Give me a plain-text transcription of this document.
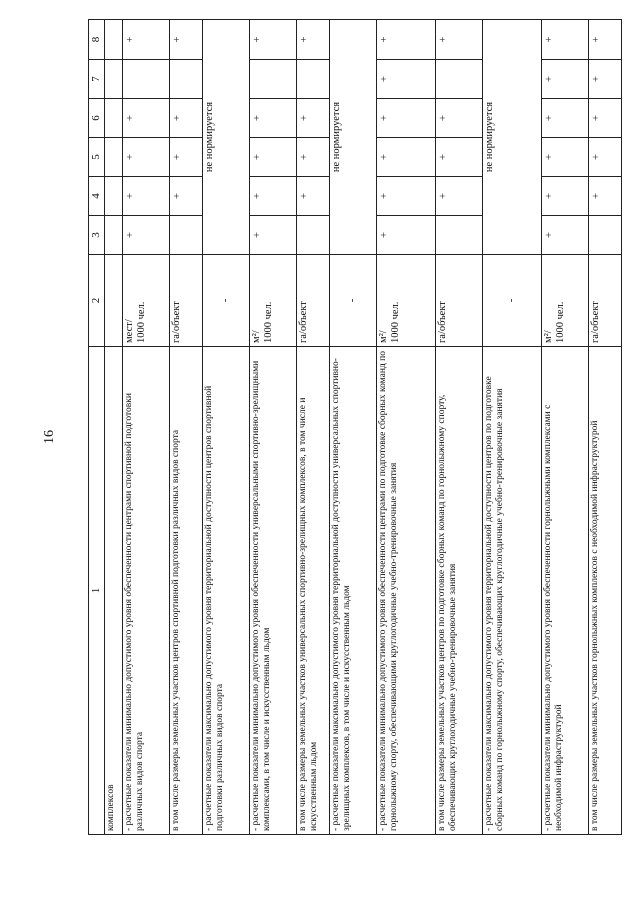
16
1	2	3	4	5	6	7	8
комплексов							
- расчетные показатели минимально допустимого уровня обеспеченности центрами спортивной подготовки различных видов спорта	мест/ 1000 чел.	+	+	+	+		+
в том числе размеры земельных участков центров спортивной подготовки различных видов спорта	га/объект		+	+	+		+
- расчетные показатели максимально допустимого уровня территориальной доступности центров спортивной подготовки различных видов спорта	-	не нормируется					
- расчетные показатели минимально допустимого уровня обеспеченности универсальными спортивно-зрелищными комплексами, в том числе и искусственным льдом	м²/ 1000 чел.	+	+	+	+		+
в том числе размеры земельных участков универсальных спортивно-зрелищных комплексов, в том числе и искусственным льдом	га/объект		+	+	+		+
- расчетные показатели максимально допустимого уровня территориальной доступности универсальных спортивно-зрелищных комплексов, в том числе и искусственным льдом	-	не нормируется					
- расчетные показатели минимально допустимого уровня обеспеченности центрами по подготовке сборных команд по горнолыжному спорту, обеспечивающими круглогодичные учебно-тренировочные занятия	м²/ 1000 чел.	+	+	+	+	+	+
в том числе размеры земельных участков центров по подготовке сборных команд по горнолыжному спорту, обеспечивающих круглогодичные учебно-тренировочные занятия	га/объект		+	+	+		+
- расчетные показатели максимально допустимого уровня территориальной доступности центров по подготовке сборных команд по горнолыжному спорту, обеспечивающих круглогодичные учебно-тренировочные занятия	-	не нормируется					
- расчетные показатели минимально допустимого уровня обеспеченности горнолыжными комплексами с необходимой инфраструктурой	м²/ 1000 чел.	+	+	+	+	+	+
в том числе размеры земельных участков горнолыжных комплексов с необходимой инфраструктурой	га/объект		+	+	+	+	+
